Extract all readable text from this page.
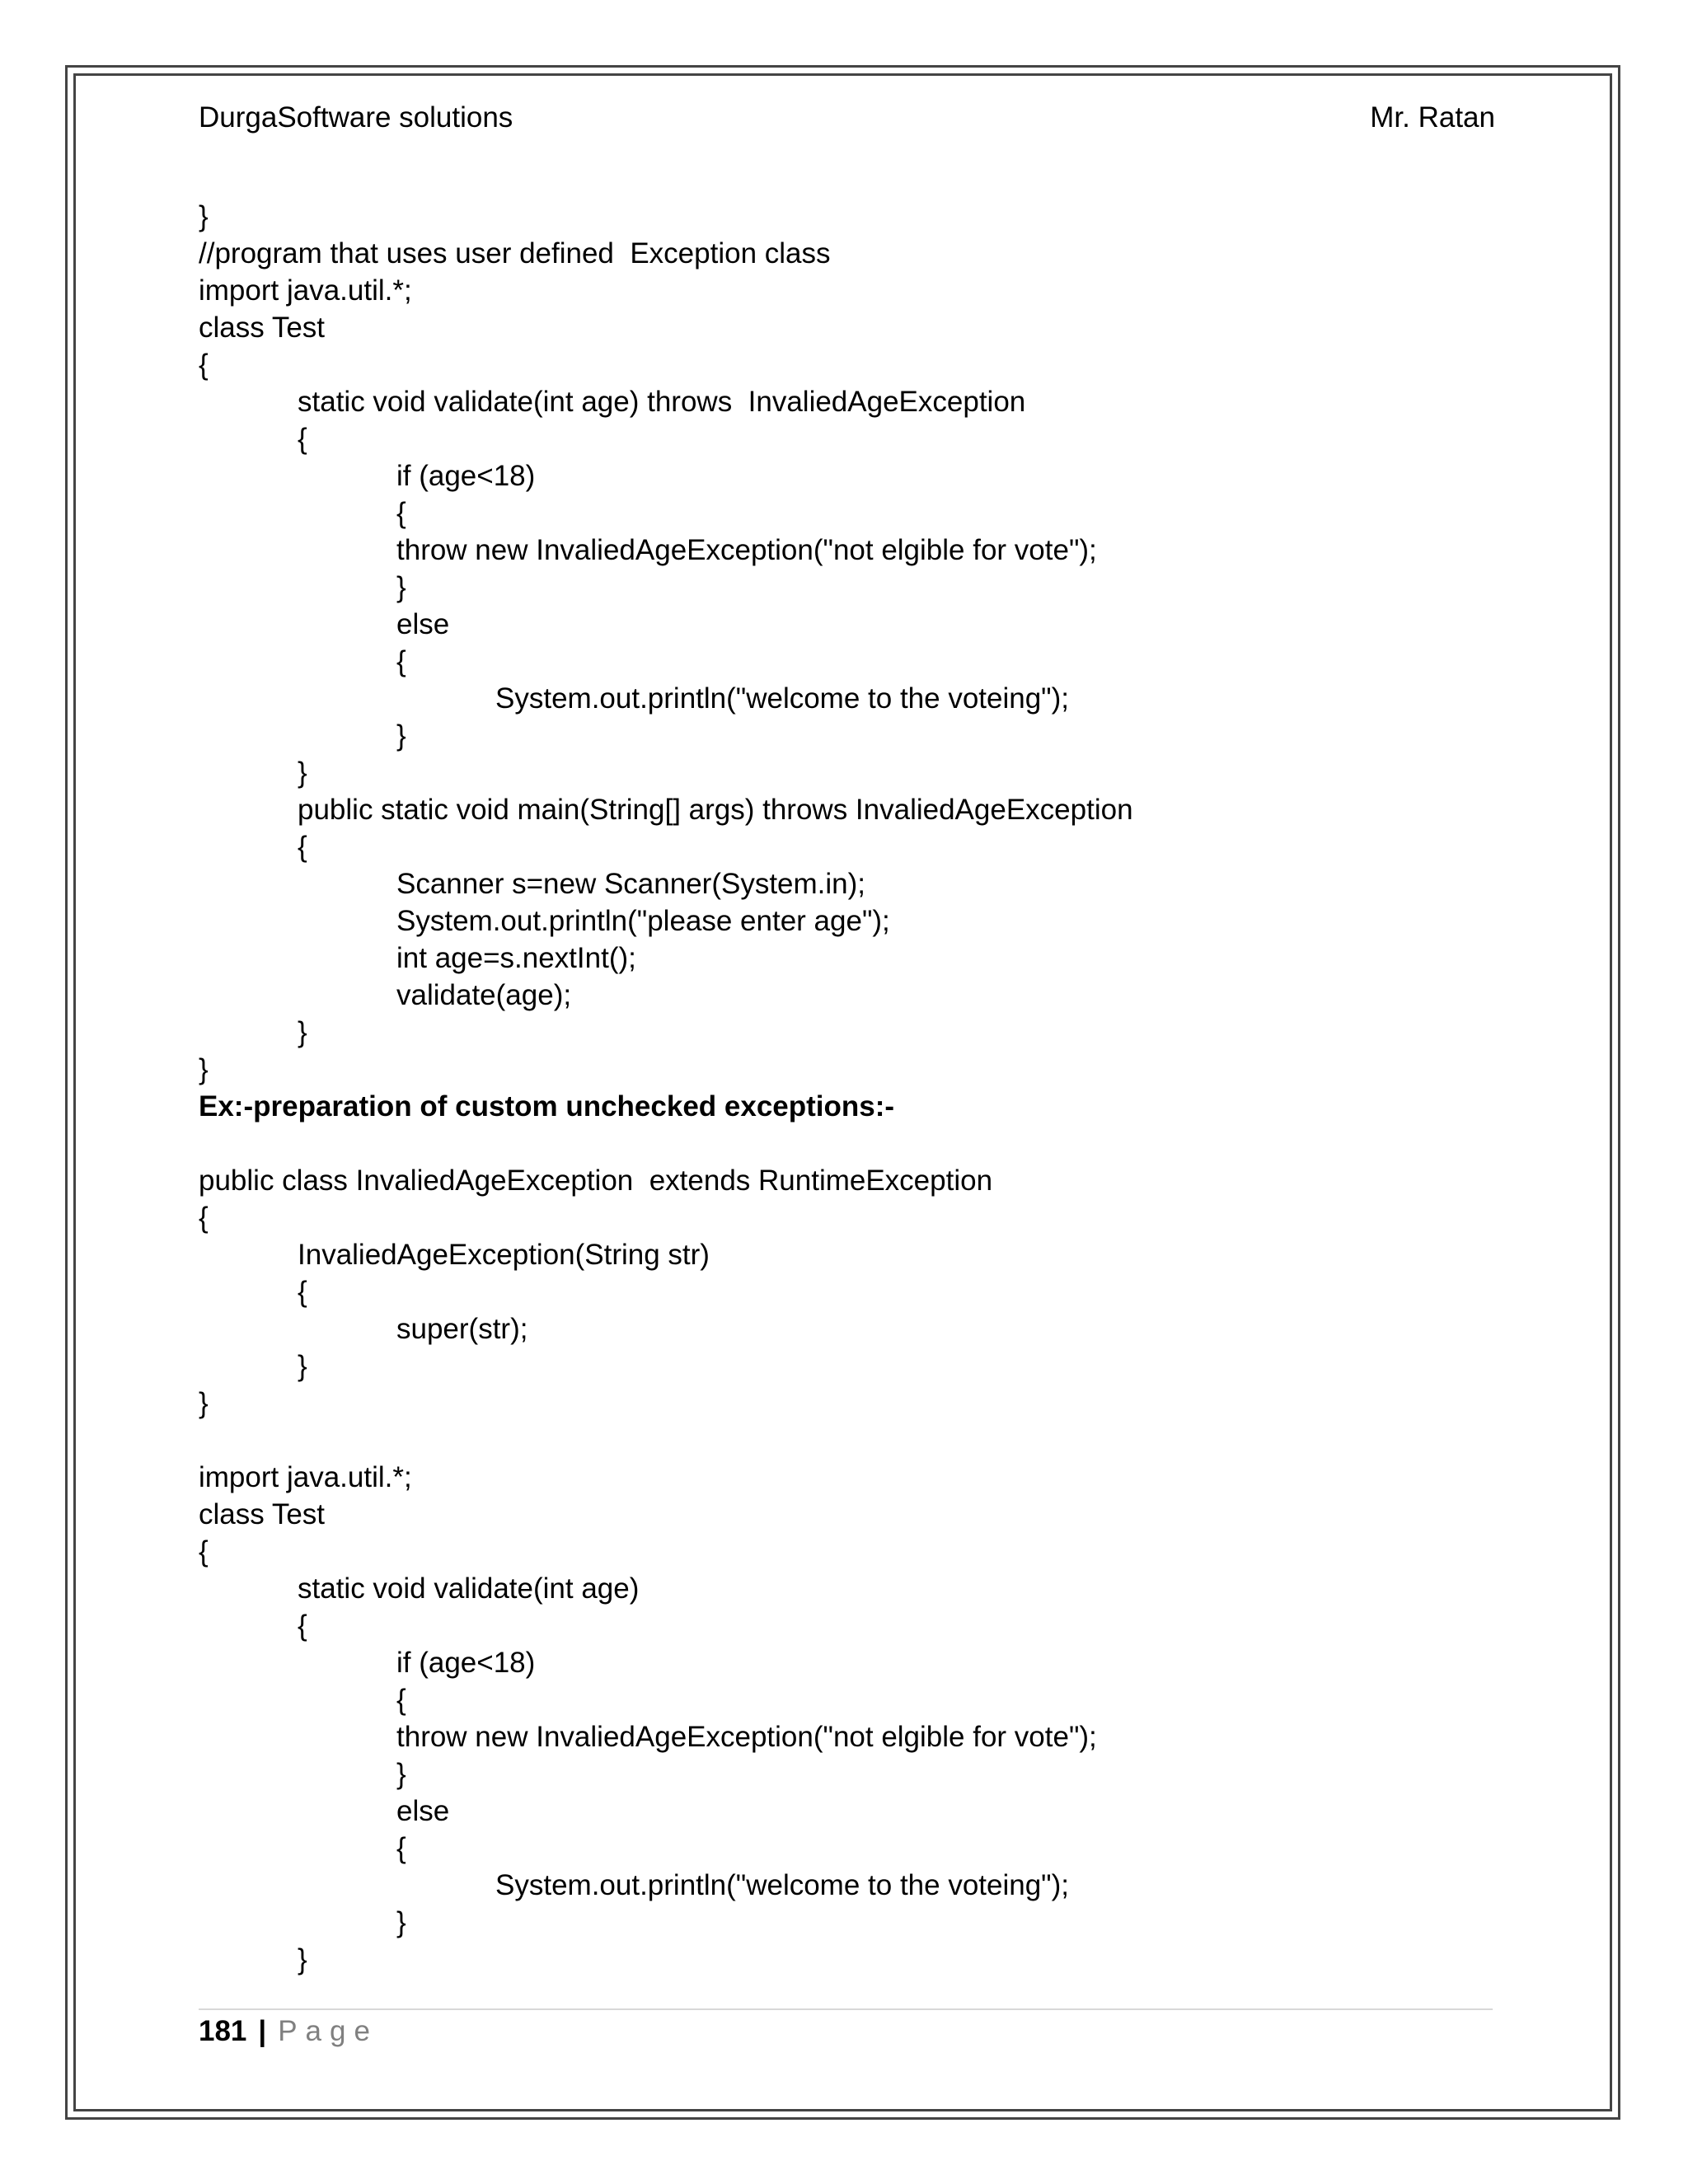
DurgaSoftware solutions	Mr. Ratan
}
//program that uses user defined  Exception class
import java.util.*;
class Test
{
static void validate(int age) throws  InvaliedAgeException
{
if (age<18)
{
throw new InvaliedAgeException("not elgible for vote");
}
else
{
System.out.println("welcome to the voteing");
}
}
public static void main(String[] args) throws InvaliedAgeException
{
Scanner s=new Scanner(System.in);
System.out.println("please enter age");
int age=s.nextInt();
validate(age);
}
}
Ex:-preparation of custom unchecked exceptions:-
public class InvaliedAgeException  extends RuntimeException
{
InvaliedAgeException(String str)
{
super(str);
}
}
import java.util.*;
class Test
{
static void validate(int age)
{
if (age<18)
{
throw new InvaliedAgeException("not elgible for vote");
}
else
{
System.out.println("welcome to the voteing");
}
}
181 | Page
